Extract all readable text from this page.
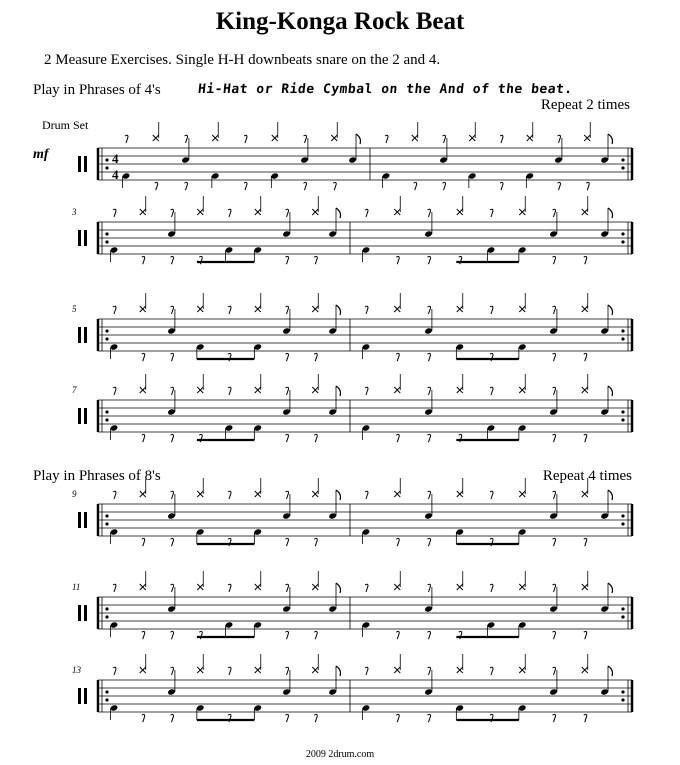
King-Konga Rock Beat
2 Measure Exercises. Single H-H downbeats snare on the 2 and 4.
Play in Phrases of 4's	Hi-Hat or Ride Cymbal on the And of the beat.
Repeat 2 times
Drum Set
mf
Play in Phrases of 8's	Repeat 4 times
2009 2drum.com
4
4
3
5
7
9
11
13
